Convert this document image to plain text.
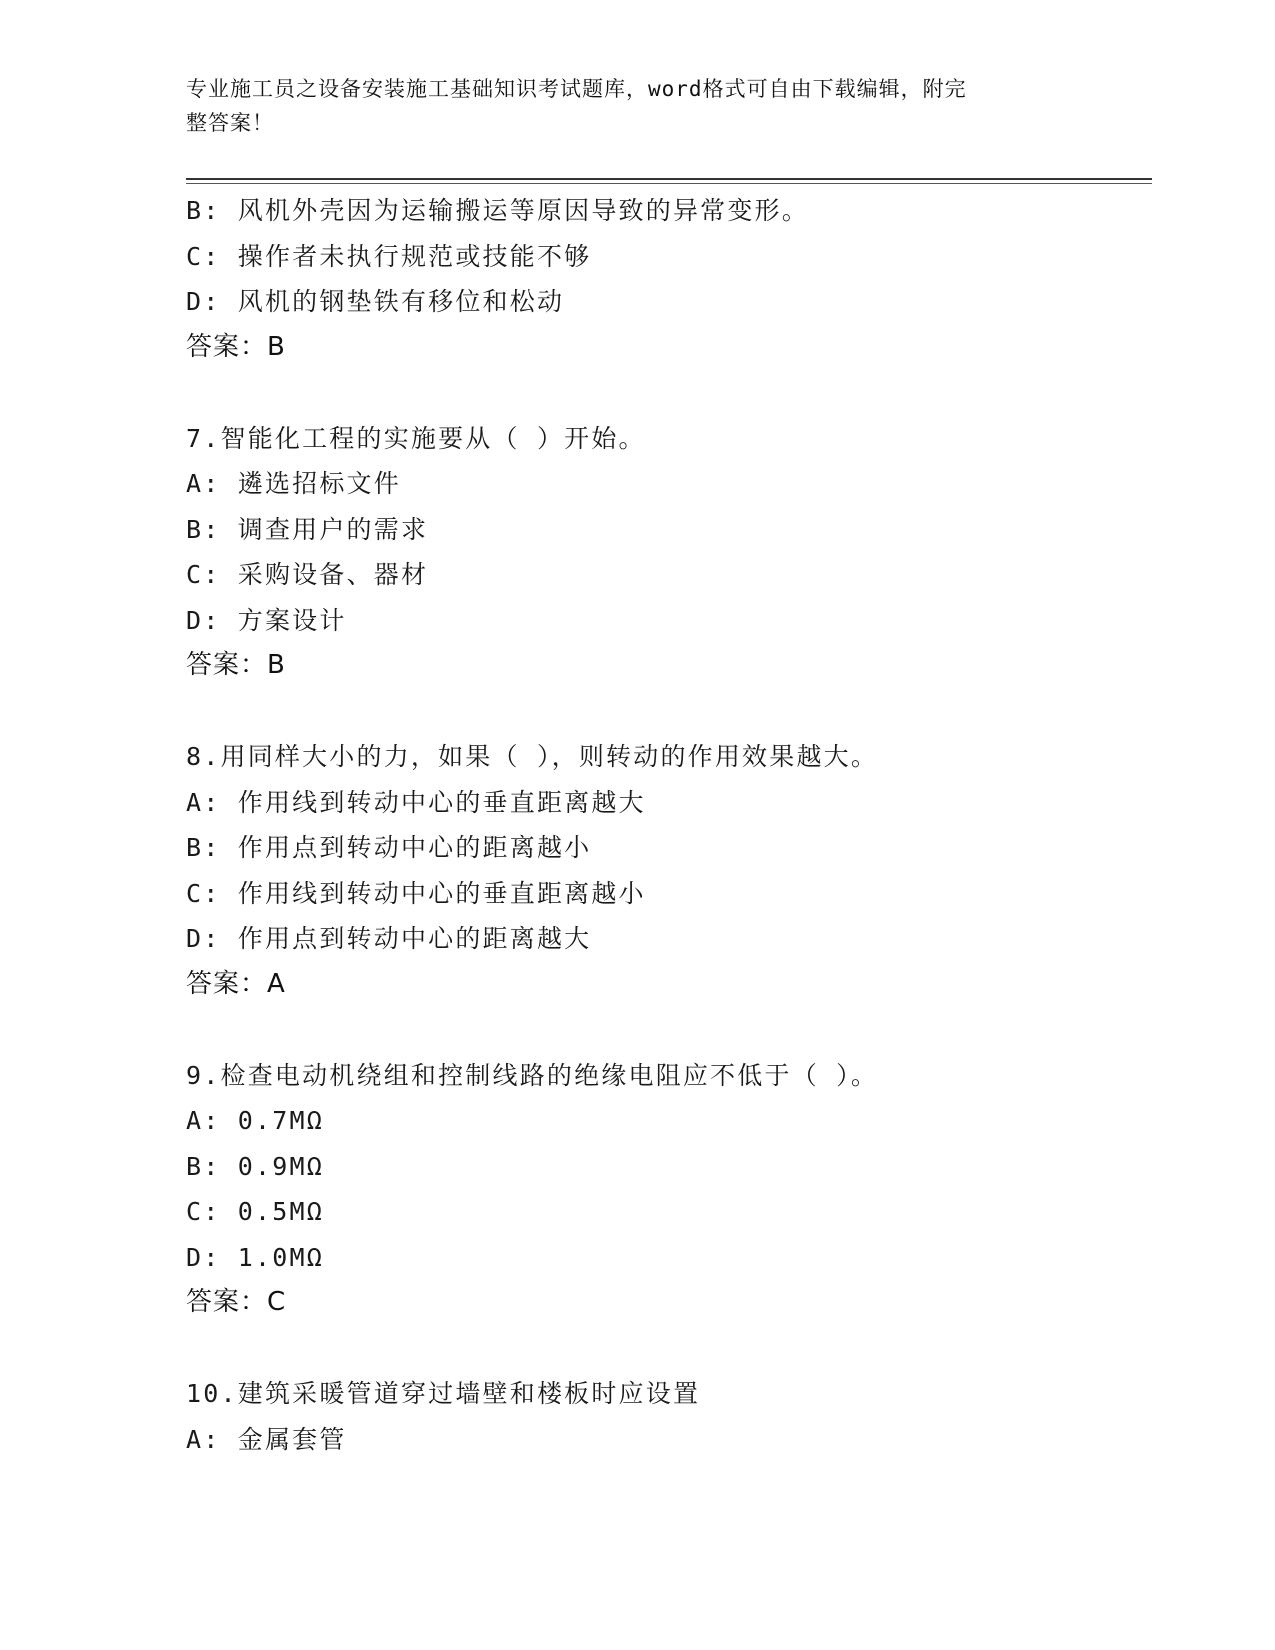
专业施工员之设备安装施工基础知识考试题库，word格式可自由下载编辑，附完
整答案！
B: 风机外壳因为运输搬运等原因导致的异常变形。
C: 操作者未执行规范或技能不够
D: 风机的钢垫铁有移位和松动
答案：B
7.智能化工程的实施要从（ ）开始。
A: 遴选招标文件
B: 调查用户的需求
C: 采购设备、器材
D: 方案设计
答案：B
8.用同样大小的力，如果（ ），则转动的作用效果越大。
A: 作用线到转动中心的垂直距离越大
B: 作用点到转动中心的距离越小
C: 作用线到转动中心的垂直距离越小
D: 作用点到转动中心的距离越大
答案：A
9.检查电动机绕组和控制线路的绝缘电阻应不低于（ ）。
A: 0.7MΩ
B: 0.9MΩ
C: 0.5MΩ
D: 1.0MΩ
答案：C
10.建筑采暖管道穿过墙壁和楼板时应设置
A: 金属套管
